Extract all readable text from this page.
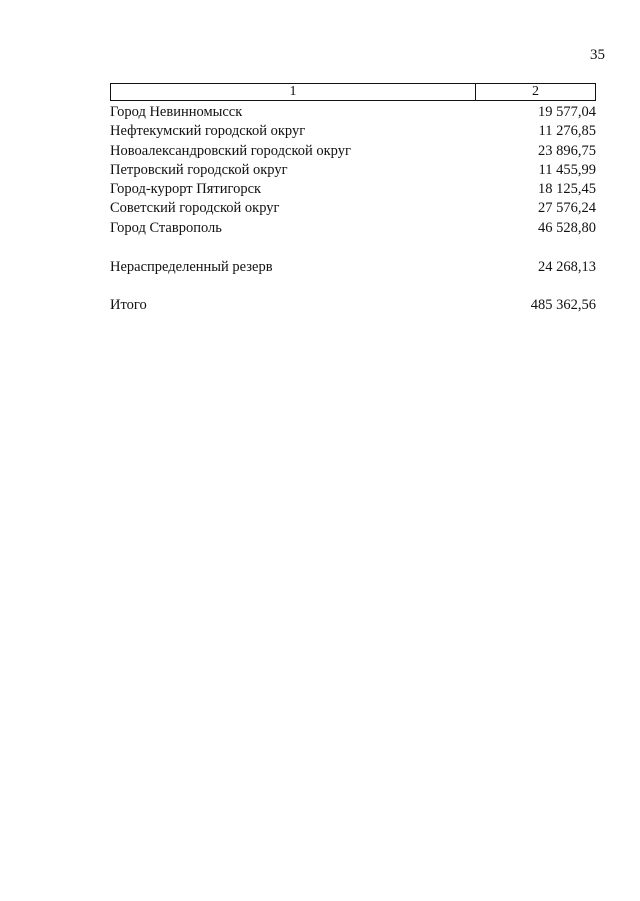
35
1	2
Город Невинномысск	19 577,04
Нефтекумский городской округ	11 276,85
Новоалександровский городской округ	23 896,75
Петровский городской округ	11 455,99
Город-курорт Пятигорск	18 125,45
Советский городской округ	27 576,24
Город Ставрополь	46 528,80
Нераспределенный резерв	24 268,13
Итого	485 362,56
